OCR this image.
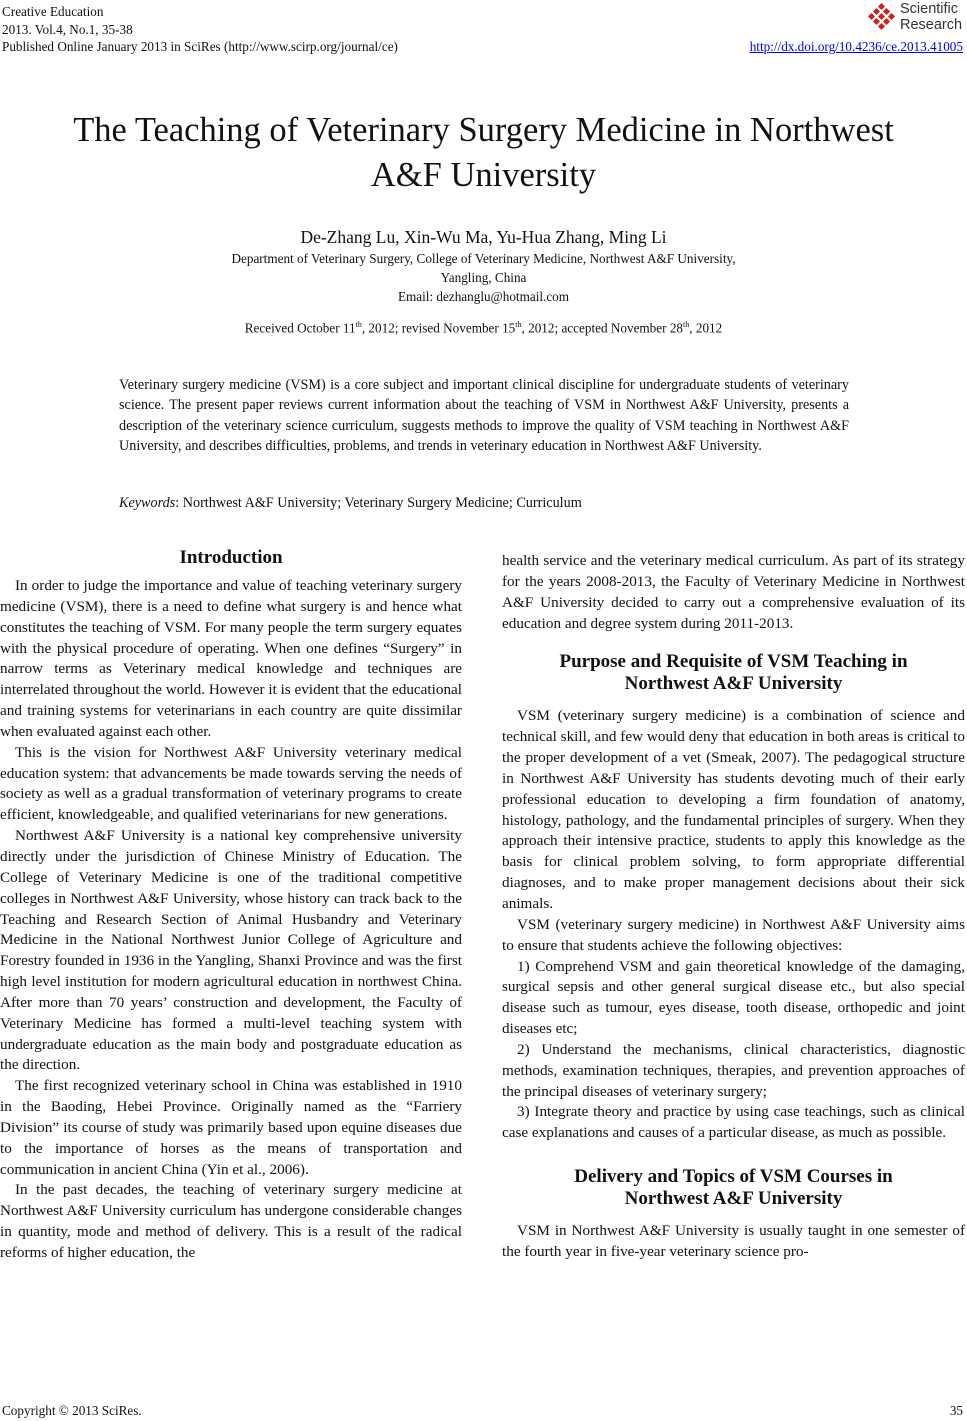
Creative Education
2013. Vol.4, No.1, 35-38
Published Online January 2013 in SciRes (http://www.scirp.org/journal/ce)
Scientific
Research
http://dx.doi.org/10.4236/ce.2013.41005
The Teaching of Veterinary Surgery Medicine in Northwest
A&F University
De-Zhang Lu, Xin-Wu Ma, Yu-Hua Zhang, Ming Li
Department of Veterinary Surgery, College of Veterinary Medicine, Northwest A&F University,
Yangling, China
Email: dezhanglu@hotmail.com
Received October 11th, 2012; revised November 15th, 2012; accepted November 28th, 2012
Veterinary surgery medicine (VSM) is a core subject and important clinical discipline for undergraduate students of veterinary science. The present paper reviews current information about the teaching of VSM in Northwest A&F University, presents a description of the veterinary science curriculum, suggests methods to improve the quality of VSM teaching in Northwest A&F University, and describes difficulties, problems, and trends in veterinary education in Northwest A&F University.
Keywords: Northwest A&F University; Veterinary Surgery Medicine; Curriculum
Introduction

In order to judge the importance and value of teaching veterinary surgery medicine (VSM), there is a need to define what surgery is and hence what constitutes the teaching of VSM. For many people the term surgery equates with the physical procedure of operating. When one defines “Surgery” in narrow terms as Veterinary medical knowledge and techniques are interrelated throughout the world. However it is evident that the educational and training systems for veterinarians in each country are quite dissimilar when evaluated against each other.

This is the vision for Northwest A&F University veterinary medical education system: that advancements be made towards serving the needs of society as well as a gradual transformation of veterinary programs to create efficient, knowledgeable, and qualified veterinarians for new generations.

Northwest A&F University is a national key comprehensive university directly under the jurisdiction of Chinese Ministry of Education. The College of Veterinary Medicine is one of the traditional competitive colleges in Northwest A&F University, whose history can track back to the Teaching and Research Section of Animal Husbandry and Veterinary Medicine in the National Northwest Junior College of Agriculture and Forestry founded in 1936 in the Yangling, Shanxi Province and was the first high level institution for modern agricultural education in northwest China. After more than 70 years’ construction and development, the Faculty of Veterinary Medicine has formed a multi-level teaching system with undergraduate education as the main body and postgraduate education as the direction.

The first recognized veterinary school in China was established in 1910 in the Baoding, Hebei Province. Originally named as the “Farriery Division” its course of study was primarily based upon equine diseases due to the importance of horses as the means of transportation and communication in ancient China (Yin et al., 2006).

In the past decades, the teaching of veterinary surgery medicine at Northwest A&F University curriculum has undergone considerable changes in quantity, mode and method of delivery. This is a result of the radical reforms of higher education, the

health service and the veterinary medical curriculum. As part of its strategy for the years 2008-2013, the Faculty of Veterinary Medicine in Northwest A&F University decided to carry out a comprehensive evaluation of its education and degree system during 2011-2013.

Purpose and Requisite of VSM Teaching in
Northwest A&F University

VSM (veterinary surgery medicine) is a combination of science and technical skill, and few would deny that education in both areas is critical to the proper development of a vet (Smeak, 2007). The pedagogical structure in Northwest A&F University has students devoting much of their early professional education to developing a firm foundation of anatomy, histology, pathology, and the fundamental principles of surgery. When they approach their intensive practice, students to apply this knowledge as the basis for clinical problem solving, to form appropriate differential diagnoses, and to make proper management decisions about their sick animals.

VSM (veterinary surgery medicine) in Northwest A&F University aims to ensure that students achieve the following objectives:

1) Comprehend VSM and gain theoretical knowledge of the damaging, surgical sepsis and other general surgical disease etc., but also special disease such as tumour, eyes disease, tooth disease, orthopedic and joint diseases etc;

2) Understand the mechanisms, clinical characteristics, diagnostic methods, examination techniques, therapies, and prevention approaches of the principal diseases of veterinary surgery;

3) Integrate theory and practice by using case teachings, such as clinical case explanations and causes of a particular disease, as much as possible.

Delivery and Topics of VSM Courses in
Northwest A&F University

VSM in Northwest A&F University is usually taught in one semester of the fourth year in five-year veterinary science pro-

Copyright © 2013 SciRes.	35
